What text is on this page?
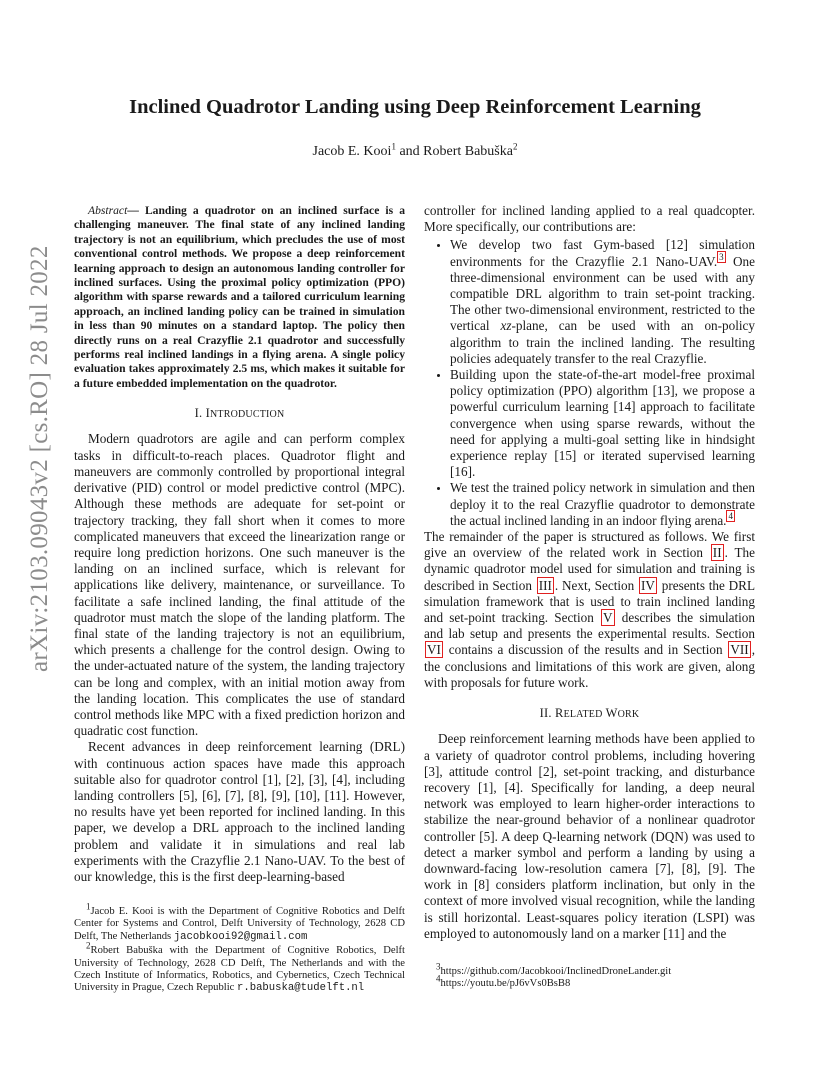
arXiv:2103.09043v2 [cs.RO] 28 Jul 2022
Inclined Quadrotor Landing using Deep Reinforcement Learning
Jacob E. Kooi$^1$ and Robert Babuška$^2$

Abstract— Landing a quadrotor on an inclined surface is a challenging maneuver. The final state of any inclined landing trajectory is not an equilibrium, which precludes the use of most conventional control methods. We propose a deep reinforcement learning approach to design an autonomous landing controller for inclined surfaces. Using the proximal policy optimization (PPO) algorithm with sparse rewards and a tailored curriculum learning approach, an inclined landing policy can be trained in simulation in less than 90 minutes on a standard laptop. The policy then directly runs on a real Crazyflie 2.1 quadrotor and successfully performs real inclined landings in a flying arena. A single policy evaluation takes approximately 2.5 ms, which makes it suitable for a future embedded implementation on the quadrotor.

I. INTRODUCTION

Modern quadrotors are agile and can perform complex tasks in difficult-to-reach places. Quadrotor flight and maneuvers are commonly controlled by proportional integral derivative (PID) control or model predictive control (MPC). Although these methods are adequate for set-point or trajectory tracking, they fall short when it comes to more complicated maneuvers that exceed the linearization range or require long prediction horizons. One such maneuver is the landing on an inclined surface, which is relevant for applications like delivery, maintenance, or surveillance. To facilitate a safe inclined landing, the final attitude of the quadrotor must match the slope of the landing platform. The final state of the landing trajectory is not an equilibrium, which presents a challenge for the control design. Owing to the under-actuated nature of the system, the landing trajectory can be long and complex, with an initial motion away from the landing location. This complicates the use of standard control methods like MPC with a fixed prediction horizon and quadratic cost function.

Recent advances in deep reinforcement learning (DRL) with continuous action spaces have made this approach suitable also for quadrotor control [1], [2], [3], [4], including landing controllers [5], [6], [7], [8], [9], [10], [11]. However, no results have yet been reported for inclined landing. In this paper, we develop a DRL approach to the inclined landing problem and validate it in simulations and real lab experiments with the Crazyflie 2.1 Nano-UAV. To the best of our knowledge, this is the first deep-learning-based

$^1$Jacob E. Kooi is with the Department of Cognitive Robotics and Delft Center for Systems and Control, Delft University of Technology, 2628 CD Delft, The Netherlands jacobkooi92@gmail.com

$^2$Robert Babuška with the Department of Cognitive Robotics, Delft University of Technology, 2628 CD Delft, The Netherlands and with the Czech Institute of Informatics, Robotics, and Cybernetics, Czech Technical University in Prague, Czech Republic r.babuska@tudelft.nl

controller for inclined landing applied to a real quadcopter. More specifically, our contributions are:

• We develop two fast Gym-based [12] simulation environments for the Crazyflie 2.1 Nano-UAV. $^3$ One three-dimensional environment can be used with any compatible DRL algorithm to train set-point tracking. The other two-dimensional environment, restricted to the vertical xz-plane, can be used with an on-policy algorithm to train the inclined landing. The resulting policies adequately transfer to the real Crazyflie.
• Building upon the state-of-the-art model-free proximal policy optimization (PPO) algorithm [13], we propose a powerful curriculum learning [14] approach to facilitate convergence when using sparse rewards, without the need for applying a multi-goal setting like in hindsight experience replay [15] or iterated supervised learning [16].
• We test the trained policy network in simulation and then deploy it to the real Crazyflie quadrotor to demonstrate the actual inclined landing in an indoor flying arena. $^4$

The remainder of the paper is structured as follows. We first give an overview of the related work in Section II . The dynamic quadrotor model used for simulation and training is described in Section III . Next, Section IV presents the DRL simulation framework that is used to train inclined landing and set-point tracking. Section V describes the simulation and lab setup and presents the experimental results. Section VI contains a discussion of the results and in Section VII , the conclusions and limitations of this work are given, along with proposals for future work.

II. RELATED WORK

Deep reinforcement learning methods have been applied to a variety of quadrotor control problems, including hovering [3], attitude control [2], set-point tracking, and disturbance recovery [1], [4]. Specifically for landing, a deep neural network was employed to learn higher-order interactions to stabilize the near-ground behavior of a nonlinear quadrotor controller [5]. A deep Q-learning network (DQN) was used to detect a marker symbol and perform a landing by using a downward-facing low-resolution camera [7], [8], [9]. The work in [8] considers platform inclination, but only in the context of more involved visual recognition, while the landing is still horizontal. Least-squares policy iteration (LSPI) was employed to autonomously land on a marker [11] and the

$^3$https://github.com/Jacobkooi/InclinedDroneLander.git

$^4$https://youtu.be/pJ6vVs0BsB8
